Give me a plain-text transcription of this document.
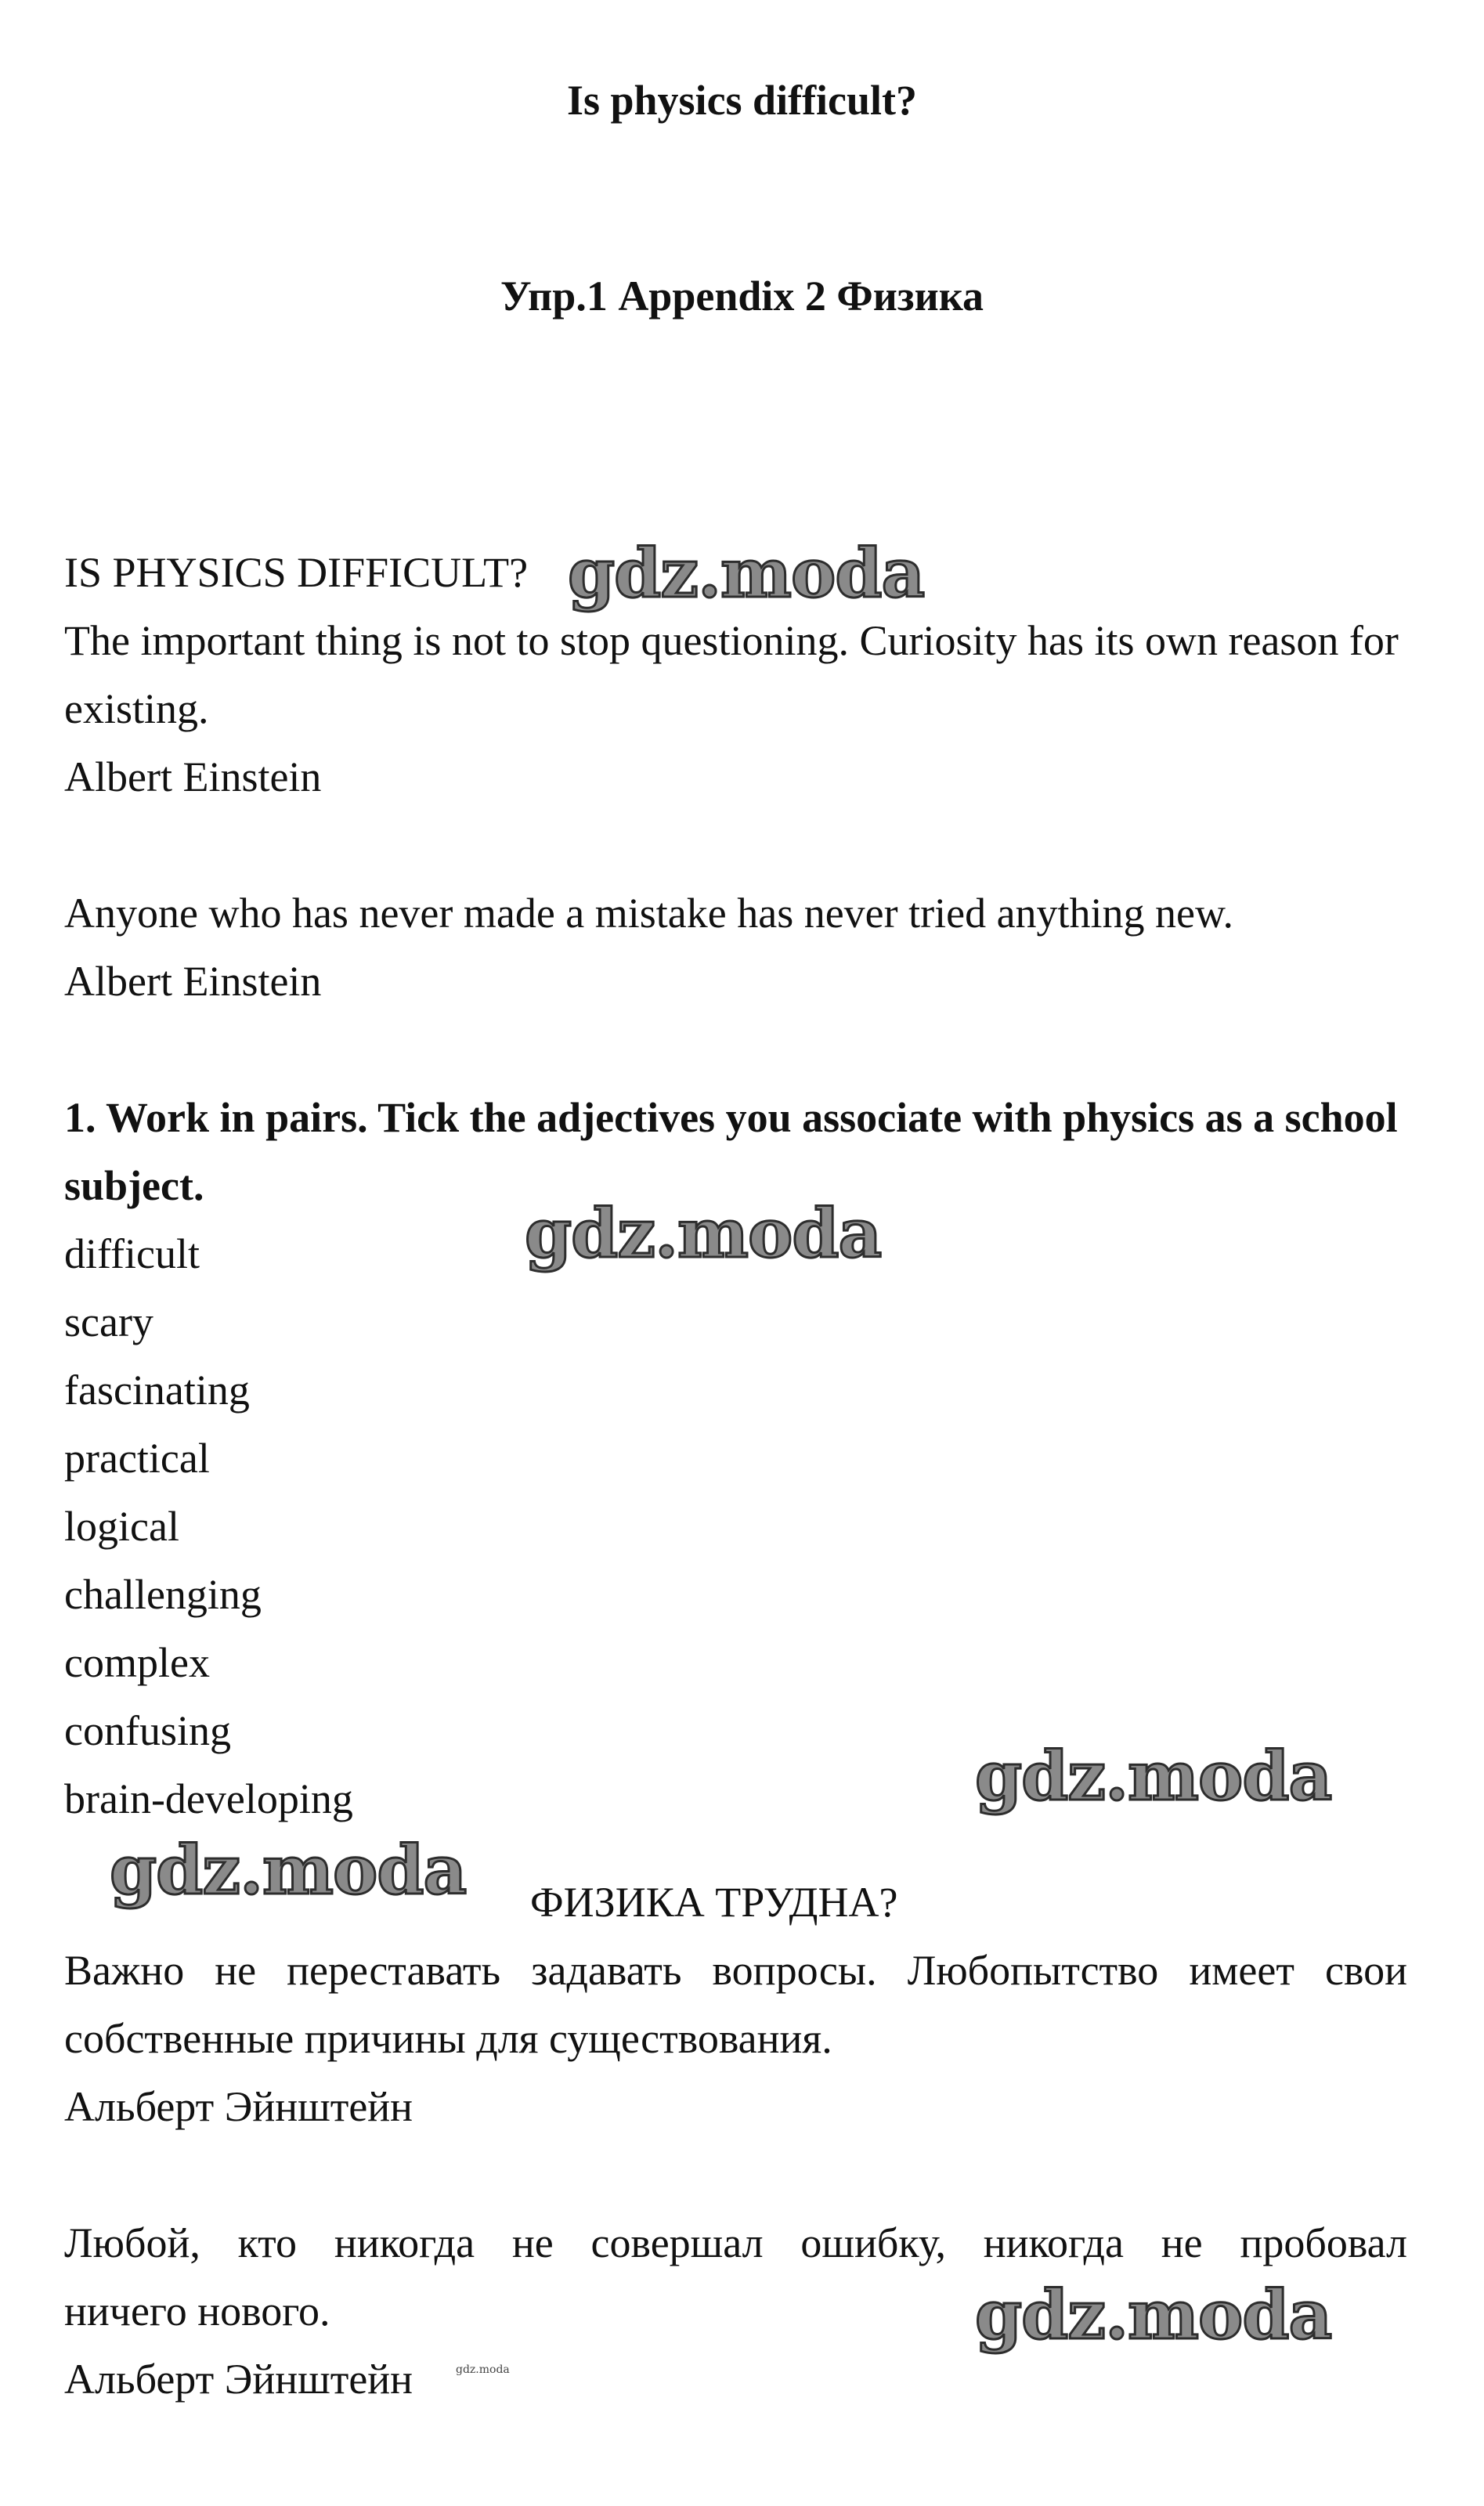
Is physics difficult?
Упр.1 Appendix 2 Физика

IS PHYSICS DIFFICULT?

The important thing is not to stop questioning. Curiosity has its own reason for existing.

Albert Einstein

Anyone who has never made a mistake has never tried anything new.

Albert Einstein

1. Work in pairs. Tick the adjectives you associate with physics as a school subject.

difficult
scary
fascinating
practical
logical
challenging
complex
confusing
brain-developing

ФИЗИКА ТРУДНА?

Важно не переставать задавать вопросы. Любопытство имеет свои

собственные причины для существования.

Альберт Эйнштейн

Любой, кто никогда не совершал ошибку, никогда не пробовал

ничего нового.

Альберт Эйнштейн

gdz.moda
gdz.moda
gdz.moda
gdz.moda
gdz.moda
gdz.moda
